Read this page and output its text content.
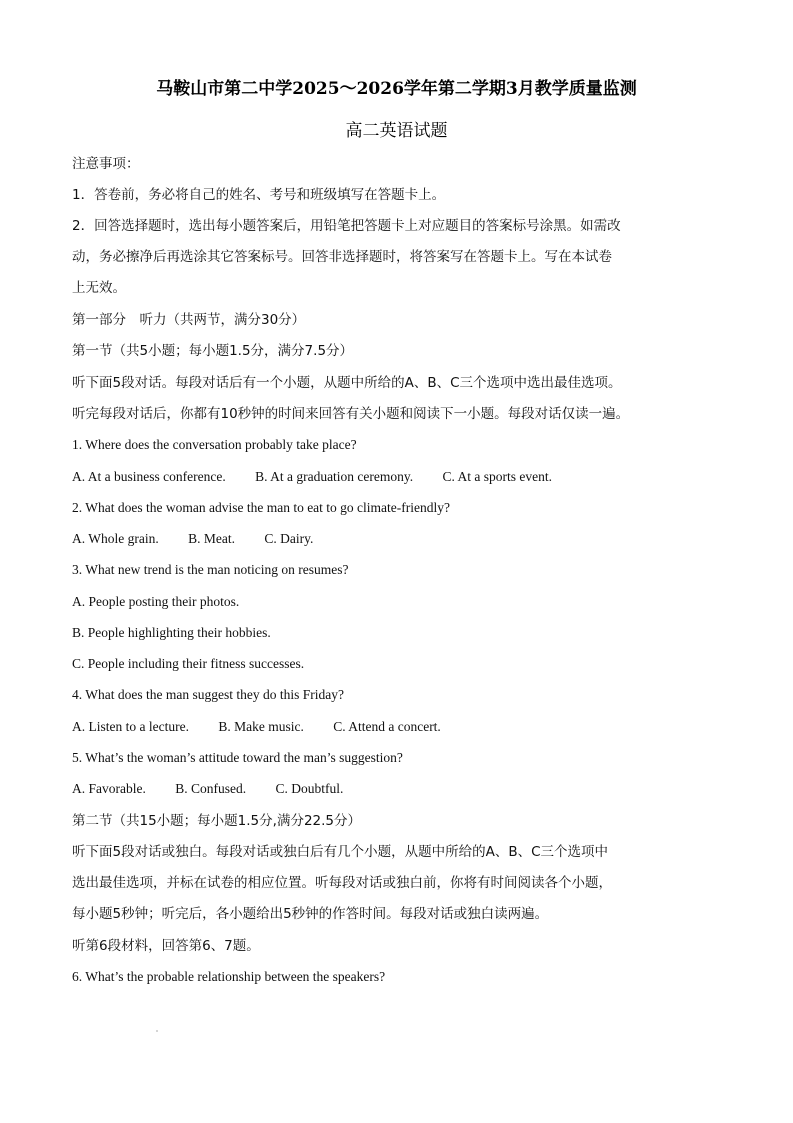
马鞍山市第二中学2025～2026学年第二学期3月教学质量监测
高二英语试题
注意事项：
1．答卷前，务必将自己的姓名、考号和班级填写在答题卡上。
2．回答选择题时，选出每小题答案后，用铅笔把答题卡上对应题目的答案标号涂黑。如需改
动，务必擦净后再选涂其它答案标号。回答非选择题时，将答案写在答题卡上。写在本试卷
上无效。
第一部分　听力（共两节，满分30分）
第一节（共5小题；每小题1.5分，满分7.5分）
听下面5段对话。每段对话后有一个小题，从题中所给的A、B、C三个选项中选出最佳选项。
听完每段对话后，你都有10秒钟的时间来回答有关小题和阅读下一小题。每段对话仅读一遍。
1. Where does the conversation probably take place?
A. At a business conference. B. At a graduation ceremony. C. At a sports event.
2. What does the woman advise the man to eat to go climate-friendly?
A. Whole grain. B. Meat. C. Dairy.
3. What new trend is the man noticing on resumes?
A. People posting their photos.
B. People highlighting their hobbies.
C. People including their fitness successes.
4. What does the man suggest they do this Friday?
A. Listen to a lecture. B. Make music. C. Attend a concert.
5. What’s the woman’s attitude toward the man’s suggestion?
A. Favorable. B. Confused. C. Doubtful.
第二节（共15小题；每小题1.5分,满分22.5分）
听下面5段对话或独白。每段对话或独白后有几个小题，从题中所给的A、B、C三个选项中
选出最佳选项，并标在试卷的相应位置。听每段对话或独白前，你将有时间阅读各个小题，
每小题5秒钟；听完后，各小题给出5秒钟的作答时间。每段对话或独白读两遍。
听第6段材料，回答第6、7题。
6. What’s the probable relationship between the speakers?
